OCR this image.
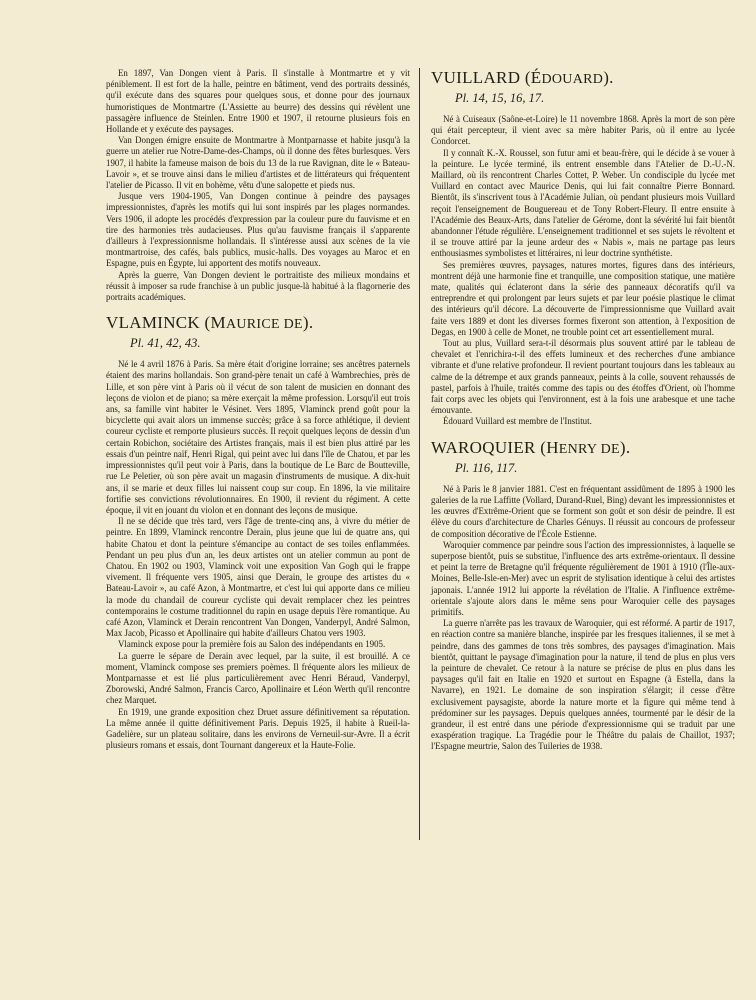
En 1897, Van Dongen vient à Paris. Il s'installe à Montmartre et y vit péniblement. Il est fort de la halle, peintre en bâtiment, vend des portraits dessinés, qu'il exécute dans des squares pour quelques sous, et donne pour des journaux humoristiques de Montmartre (L'Assiette au beurre) des dessins qui révèlent une passagère influence de Steinlen. Entre 1900 et 1907, il retourne plusieurs fois en Hollande et y exécute des paysages.

Van Dongen émigre ensuite de Montmartre à Montparnasse et habite jusqu'à la guerre un atelier rue Notre-Dame-des-Champs, où il donne des fêtes burlesques. Vers 1907, il habite la fameuse maison de bois du 13 de la rue Ravignan, dite le « Bateau-Lavoir », et se trouve ainsi dans le milieu d'artistes et de littérateurs qui fréquentent l'atelier de Picasso. Il vit en bohème, vêtu d'une salopette et pieds nus.

Jusque vers 1904-1905, Van Dongen continue à peindre des paysages impressionnistes, d'après les motifs qui lui sont inspirés par les plages normandes. Vers 1906, il adopte les procédés d'expression par la couleur pure du fauvisme et en tire des harmonies très audacieuses. Plus qu'au fauvisme français il s'apparente d'ailleurs à l'expressionnisme hollandais. Il s'intéresse aussi aux scènes de la vie montmartroise, des cafés, bals publics, music-halls. Des voyages au Maroc et en Espagne, puis en Égypte, lui apportent des motifs nouveaux.

Après la guerre, Van Dongen devient le portraitiste des milieux mondains et réussit à imposer sa rude franchise à un public jusque-là habitué à la flagornerie des portraits académiques.

VLAMINCK (MAURICE DE).
Pl. 41, 42, 43.

Né le 4 avril 1876 à Paris. Sa mère était d'origine lorraine; ses ancêtres paternels étaient des marins hollandais. Son grand-père tenait un café à Wambrechies, près de Lille, et son père vint à Paris où il vécut de son talent de musicien en donnant des leçons de violon et de piano; sa mère exerçait la même profession. Lorsqu'il eut trois ans, sa famille vint habiter le Vésinet. Vers 1895, Vlaminck prend goût pour la bicyclette qui avait alors un immense succès; grâce à sa force athlétique, il devient coureur cycliste et remporte plusieurs succès. Il reçoit quelques leçons de dessin d'un certain Robichon, sociétaire des Artistes français, mais il est bien plus attiré par les essais d'un peintre naïf, Henri Rigal, qui peint avec lui dans l'île de Chatou, et par les impressionnistes qu'il peut voir à Paris, dans la boutique de Le Barc de Boutteville, rue Le Peletier, où son père avait un magasin d'instruments de musique. A dix-huit ans, il se marie et deux filles lui naissent coup sur coup. En 1896, la vie militaire fortifie ses convictions révolutionnaires. En 1900, il revient du régiment. A cette époque, il vit en jouant du violon et en donnant des leçons de musique.

Il ne se décide que très tard, vers l'âge de trente-cinq ans, à vivre du métier de peintre. En 1899, Vlaminck rencontre Derain, plus jeune que lui de quatre ans, qui habite Chatou et dont la peinture s'émancipe au contact de ses toiles enflammées. Pendant un peu plus d'un an, les deux artistes ont un atelier commun au pont de Chatou. En 1902 ou 1903, Vlaminck voit une exposition Van Gogh qui le frappe vivement. Il fréquente vers 1905, ainsi que Derain, le groupe des artistes du « Bateau-Lavoir », au café Azon, à Montmartre, et c'est lui qui apporte dans ce milieu la mode du chandail de coureur cycliste qui devait remplacer chez les peintres contemporains le costume traditionnel du rapin en usage depuis l'ère romantique. Au café Azon, Vlaminck et Derain rencontrent Van Dongen, Vanderpyl, André Salmon, Max Jacob, Picasso et Apollinaire qui habite d'ailleurs Chatou vers 1903.

Vlaminck expose pour la première fois au Salon des indépendants en 1905.

La guerre le sépare de Derain avec lequel, par la suite, il est brouillé. A ce moment, Vlaminck compose ses premiers poèmes. Il fréquente alors les milieux de Montparnasse et est lié plus particulièrement avec Henri Béraud, Vanderpyl, Zborowski, André Salmon, Francis Carco, Apollinaire et Léon Werth qu'il rencontre chez Marquet.

En 1919, une grande exposition chez Druet assure définitivement sa réputation. La même année il quitte définitivement Paris. Depuis 1925, il habite à Rueil-la-Gadelière, sur un plateau solitaire, dans les environs de Verneuil-sur-Avre. Il a écrit plusieurs romans et essais, dont Tournant dangereux et la Haute-Folie.

VUILLARD (ÉDOUARD).
Pl. 14, 15, 16, 17.

Né à Cuiseaux (Saône-et-Loire) le 11 novembre 1868. Après la mort de son père qui était percepteur, il vient avec sa mère habiter Paris, où il entre au lycée Condorcet.

Il y connaît K.-X. Roussel, son futur ami et beau-frère, qui le décide à se vouer à la peinture. Le lycée terminé, ils entrent ensemble dans l'Atelier de D.-U.-N. Maillard, où ils rencontrent Charles Cottet, P. Weber. Un condisciple du lycée met Vuillard en contact avec Maurice Denis, qui lui fait connaître Pierre Bonnard. Bientôt, ils s'inscrivent tous à l'Académie Julian, où pendant plusieurs mois Vuillard reçoit l'enseignement de Bouguereau et de Tony Robert-Fleury. Il entre ensuite à l'Académie des Beaux-Arts, dans l'atelier de Gérome, dont la sévérité lui fait bientôt abandonner l'étude régulière. L'enseignement traditionnel et ses sujets le révoltent et il se trouve attiré par la jeune ardeur des « Nabis », mais ne partage pas leurs enthousiasmes symbolistes et littéraires, ni leur doctrine synthétiste.

Ses premières œuvres, paysages, natures mortes, figures dans des intérieurs, montrent déjà une harmonie fine et tranquille, une composition statique, une matière mate, qualités qui éclateront dans la série des panneaux décoratifs qu'il va entreprendre et qui prolongent par leurs sujets et par leur poésie plastique le climat des intérieurs qu'il décore. La découverte de l'impressionnisme que Vuillard avait faite vers 1889 et dont les diverses formes fixeront son attention, à l'exposition de Degas, en 1900 à celle de Monet, ne trouble point cet art essentiellement mural.

Tout au plus, Vuillard sera-t-il désormais plus souvent attiré par le tableau de chevalet et l'enrichira-t-il des effets lumineux et des recherches d'une ambiance vibrante et d'une relative profondeur. Il revient pourtant toujours dans les tableaux au calme de la détrempe et aux grands panneaux, peints à la colle, souvent rehaussés de pastel, parfois à l'huile, traités comme des tapis ou des étoffes d'Orient, où l'homme fait corps avec les objets qui l'environnent, est à la fois une arabesque et une tache émouvante.

Édouard Vuillard est membre de l'Institut.

WAROQUIER (HENRY DE).
Pl. 116, 117.

Né à Paris le 8 janvier 1881. C'est en fréquentant assidûment de 1895 à 1900 les galeries de la rue Laffitte (Vollard, Durand-Ruel, Bing) devant les impressionnistes et les œuvres d'Extrême-Orient que se forment son goût et son désir de peindre. Il est élève du cours d'architecture de Charles Génuys. Il réussit au concours de professeur de composition décorative de l'École Estienne.

Waroquier commence par peindre sous l'action des impressionnistes, à laquelle se superpose bientôt, puis se substitue, l'influence des arts extrême-orientaux. Il dessine et peint la terre de Bretagne qu'il fréquente régulièrement de 1901 à 1910 (l'Île-aux-Moines, Belle-Isle-en-Mer) avec un esprit de stylisation identique à celui des artistes japonais. L'année 1912 lui apporte la révélation de l'Italie. A l'influence extrême-orientale s'ajoute alors dans le même sens pour Waroquier celle des paysages primitifs.

La guerre n'arrête pas les travaux de Waroquier, qui est réformé. A partir de 1917, en réaction contre sa manière blanche, inspirée par les fresques italiennes, il se met à peindre, dans des gammes de tons très sombres, des paysages d'imagination. Mais bientôt, quittant le paysage d'imagination pour la nature, il tend de plus en plus vers la peinture de chevalet. Ce retour à la nature se précise de plus en plus dans les paysages qu'il fait en Italie en 1920 et surtout en Espagne (à Estella, dans la Navarre), en 1921. Le domaine de son inspiration s'élargit; il cesse d'être exclusivement paysagiste, aborde la nature morte et la figure qui même tend à prédominer sur les paysages. Depuis quelques années, tourmenté par le désir de la grandeur, il est entré dans une période d'expressionnisme qui se traduit par une exaspération tragique. La Tragédie pour le Théâtre du palais de Chaillot, 1937; l'Espagne meurtrie, Salon des Tuileries de 1938.
